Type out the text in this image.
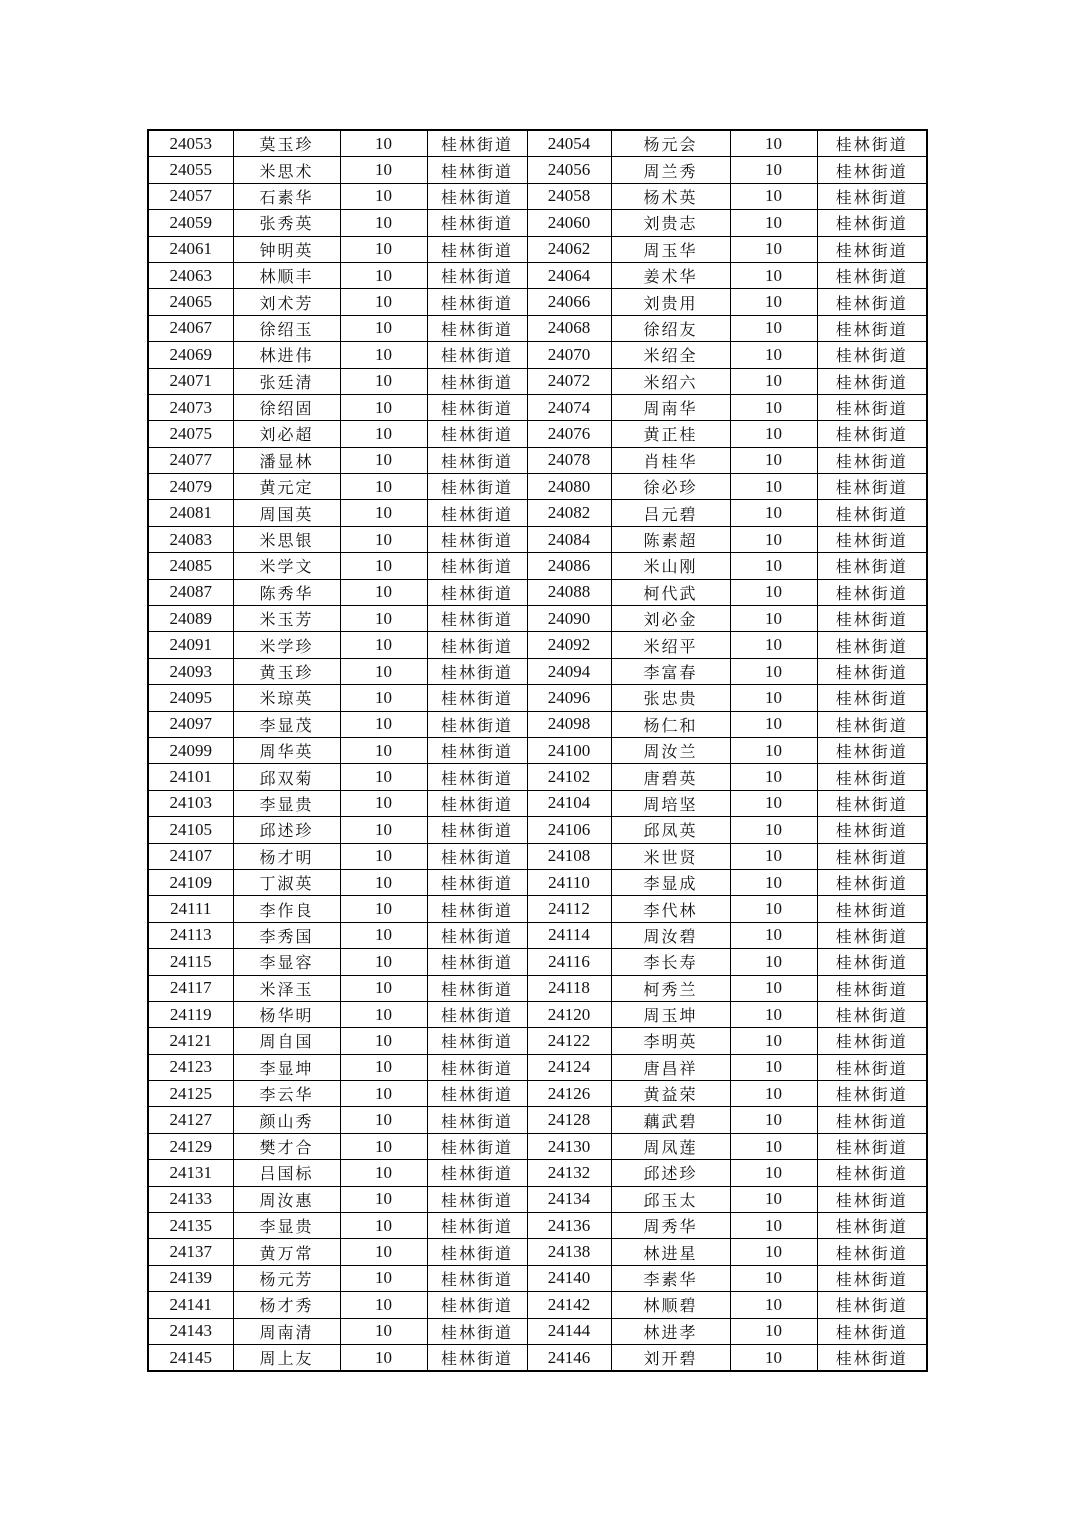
24053	莫玉珍	10	桂林街道	24054	杨元会	10	桂林街道
24055	米思术	10	桂林街道	24056	周兰秀	10	桂林街道
24057	石素华	10	桂林街道	24058	杨术英	10	桂林街道
24059	张秀英	10	桂林街道	24060	刘贵志	10	桂林街道
24061	钟明英	10	桂林街道	24062	周玉华	10	桂林街道
24063	林顺丰	10	桂林街道	24064	姜术华	10	桂林街道
24065	刘术芳	10	桂林街道	24066	刘贵用	10	桂林街道
24067	徐绍玉	10	桂林街道	24068	徐绍友	10	桂林街道
24069	林进伟	10	桂林街道	24070	米绍全	10	桂林街道
24071	张廷清	10	桂林街道	24072	米绍六	10	桂林街道
24073	徐绍固	10	桂林街道	24074	周南华	10	桂林街道
24075	刘必超	10	桂林街道	24076	黄正桂	10	桂林街道
24077	潘显林	10	桂林街道	24078	肖桂华	10	桂林街道
24079	黄元定	10	桂林街道	24080	徐必珍	10	桂林街道
24081	周国英	10	桂林街道	24082	吕元碧	10	桂林街道
24083	米思银	10	桂林街道	24084	陈素超	10	桂林街道
24085	米学文	10	桂林街道	24086	米山刚	10	桂林街道
24087	陈秀华	10	桂林街道	24088	柯代武	10	桂林街道
24089	米玉芳	10	桂林街道	24090	刘必金	10	桂林街道
24091	米学珍	10	桂林街道	24092	米绍平	10	桂林街道
24093	黄玉珍	10	桂林街道	24094	李富春	10	桂林街道
24095	米琼英	10	桂林街道	24096	张忠贵	10	桂林街道
24097	李显茂	10	桂林街道	24098	杨仁和	10	桂林街道
24099	周华英	10	桂林街道	24100	周汝兰	10	桂林街道
24101	邱双菊	10	桂林街道	24102	唐碧英	10	桂林街道
24103	李显贵	10	桂林街道	24104	周培坚	10	桂林街道
24105	邱述珍	10	桂林街道	24106	邱凤英	10	桂林街道
24107	杨才明	10	桂林街道	24108	米世贤	10	桂林街道
24109	丁淑英	10	桂林街道	24110	李显成	10	桂林街道
24111	李作良	10	桂林街道	24112	李代林	10	桂林街道
24113	李秀国	10	桂林街道	24114	周汝碧	10	桂林街道
24115	李显容	10	桂林街道	24116	李长寿	10	桂林街道
24117	米泽玉	10	桂林街道	24118	柯秀兰	10	桂林街道
24119	杨华明	10	桂林街道	24120	周玉坤	10	桂林街道
24121	周自国	10	桂林街道	24122	李明英	10	桂林街道
24123	李显坤	10	桂林街道	24124	唐昌祥	10	桂林街道
24125	李云华	10	桂林街道	24126	黄益荣	10	桂林街道
24127	颜山秀	10	桂林街道	24128	藕武碧	10	桂林街道
24129	樊才合	10	桂林街道	24130	周凤莲	10	桂林街道
24131	吕国标	10	桂林街道	24132	邱述珍	10	桂林街道
24133	周汝惠	10	桂林街道	24134	邱玉太	10	桂林街道
24135	李显贵	10	桂林街道	24136	周秀华	10	桂林街道
24137	黄万常	10	桂林街道	24138	林进星	10	桂林街道
24139	杨元芳	10	桂林街道	24140	李素华	10	桂林街道
24141	杨才秀	10	桂林街道	24142	林顺碧	10	桂林街道
24143	周南清	10	桂林街道	24144	林进孝	10	桂林街道
24145	周上友	10	桂林街道	24146	刘开碧	10	桂林街道
